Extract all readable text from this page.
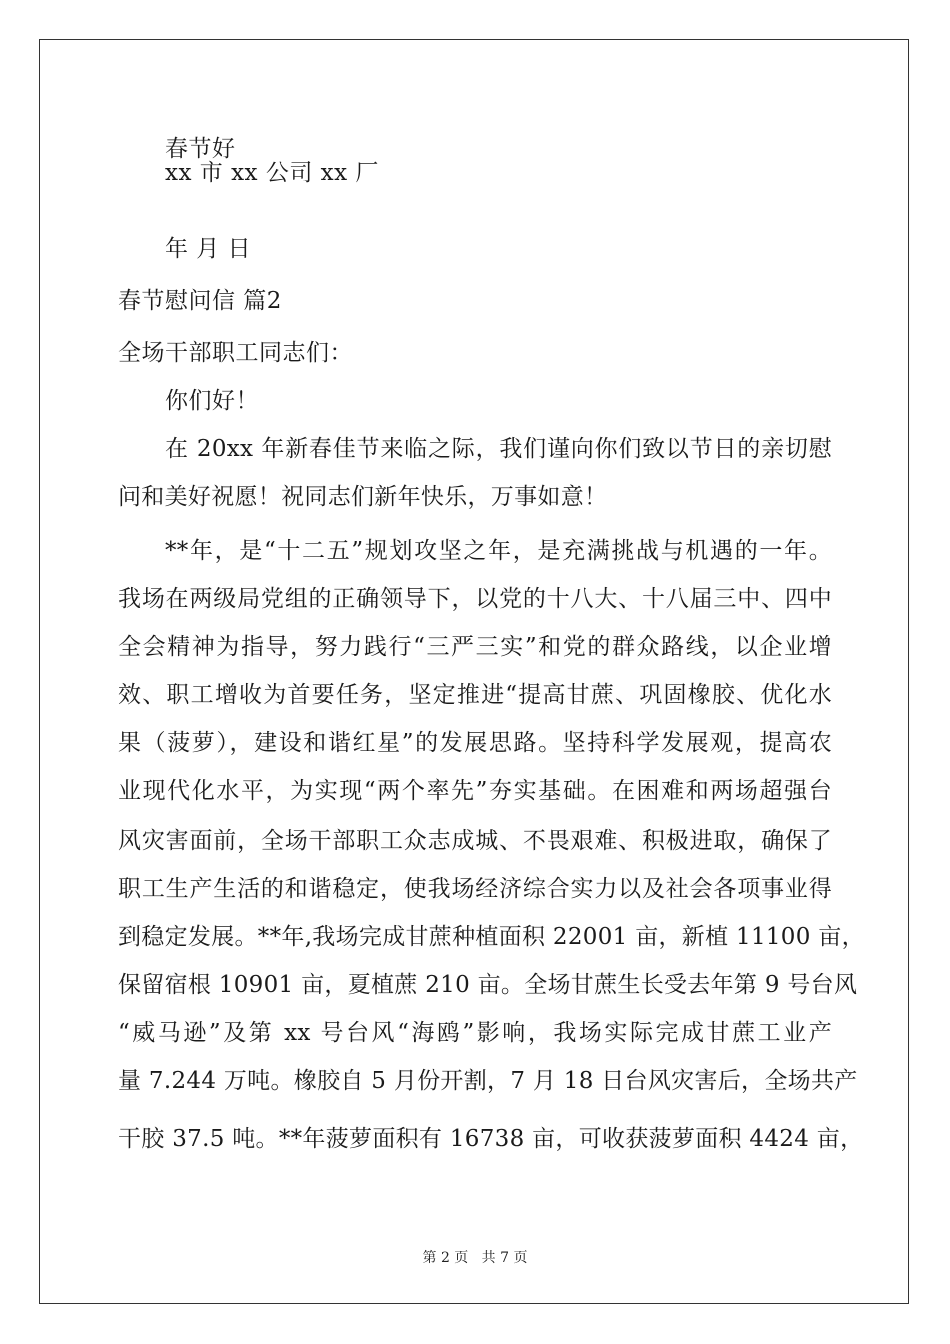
春节好
xx 市 xx 公司 xx 厂
年 月 日
春节慰问信 篇2
全场干部职工同志们：
你们好！
在 20xx 年新春佳节来临之际，我们谨向你们致以节日的亲切慰
问和美好祝愿！祝同志们新年快乐，万事如意！
**年，是“十二五”规划攻坚之年，是充满挑战与机遇的一年。
我场在两级局党组的正确领导下，以党的十八大、十八届三中、四中
全会精神为指导，努力践行“三严三实”和党的群众路线，以企业增
效、职工增收为首要任务，坚定推进“提高甘蔗、巩固橡胶、优化水
果（菠萝），建设和谐红星”的发展思路。坚持科学发展观，提高农
业现代化水平，为实现“两个率先”夯实基础。在困难和两场超强台
风灾害面前，全场干部职工众志成城、不畏艰难、积极进取，确保了
职工生产生活的和谐稳定，使我场经济综合实力以及社会各项事业得
到稳定发展。**年,我场完成甘蔗种植面积 22001 亩，新植 11100 亩，
保留宿根 10901 亩，夏植蔗 210 亩。全场甘蔗生长受去年第 9 号台风
“威马逊”及第 xx 号台风“海鸥”影响，我场实际完成甘蔗工业产
量 7.244 万吨。橡胶自 5 月份开割，7 月 18 日台风灾害后，全场共产
干胶 37.5 吨。**年菠萝面积有 16738 亩，可收获菠萝面积 4424 亩，
第 2 页 共 7 页
